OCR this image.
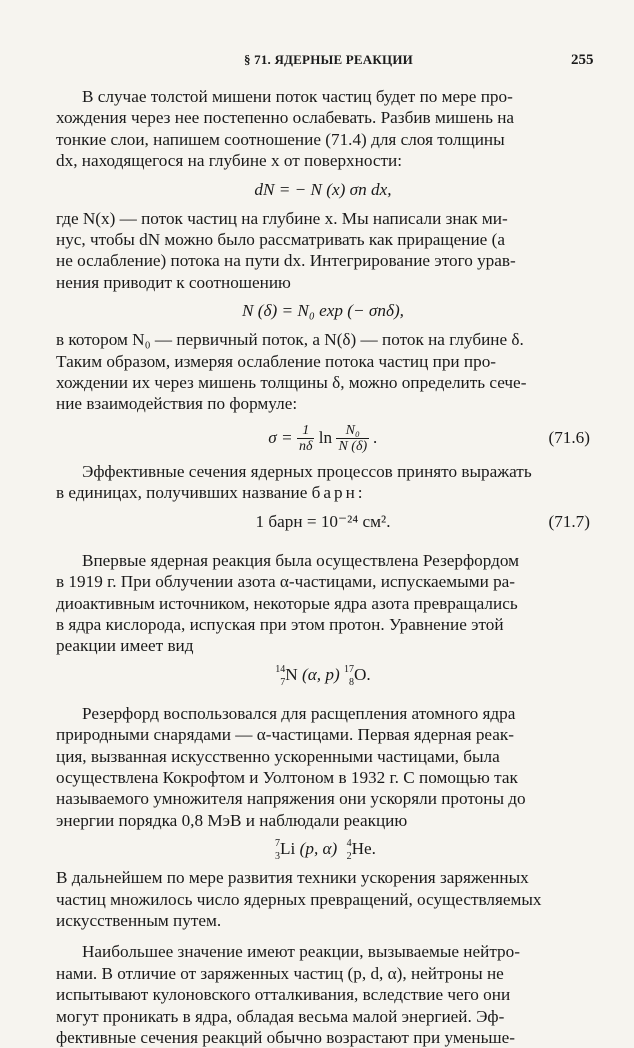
§ 71. ЯДЕРНЫЕ РЕАКЦИИ	255

В случае толстой мишени поток частиц будет по мере про-
хождения через нее постепенно ослабевать. Разбив мишень на
тонкие слои, напишем соотношение (71.4) для слоя толщины
dx, находящегося на глубине x от поверхности:

dN = − N (x) σn dx,

где N(x) — поток частиц на глубине x. Мы написали знак ми-
нус, чтобы dN можно было рассматривать как приращение (а
не ослабление) потока на пути dx. Интегрирование этого урав-
нения приводит к соотношению

N (δ) = N₀ exp (− σnδ),

в котором N₀ — первичный поток, а N(δ) — поток на глубине δ.
Таким образом, измеряя ослабление потока частиц при про-
хождении их через мишень толщины δ, можно определить сече-
ние взаимодействия по формуле:

$\sigma = \frac{1}{n\delta}$ $\ln \frac{\text{N₀}}{N (\delta)}$ .	(71.6)

Эффективные сечения ядерных процессов принято выражать
в единицах, получивших название барн:

1 барн = 10⁻²⁴ см².	(71.7)

Впервые ядерная реакция была осуществлена Резерфордом
в 1919 г. При облучении азота α-частицами, испускаемыми ра-
диоактивным источником, некоторые ядра азота превращались
в ядра кислорода, испуская при этом протон. Уравнение этой
реакции имеет вид

14
7 N (α, p) 17
8 O.

Резерфорд воспользовался для расщепления атомного ядра
природными снарядами — α-частицами. Первая ядерная реак-
ция, вызванная искусственно ускоренными частицами, была
осуществлена Кокрофтом и Уолтоном в 1932 г. С помощью так
называемого умножителя напряжения они ускоряли протоны до
энергии порядка 0,8 МэВ и наблюдали реакцию

7
3 Li (p, α) 4
2 He.

В дальнейшем по мере развития техники ускорения заряженных
частиц множилось число ядерных превращений, осуществляемых
искусственным путем.

Наибольшее значение имеют реакции, вызываемые нейтро-
нами. В отличие от заряженных частиц (p, d, α), нейтроны не
испытывают кулоновского отталкивания, вследствие чего они
могут проникать в ядра, обладая весьма малой энергией. Эф-
фективные сечения реакций обычно возрастают при уменьше-
